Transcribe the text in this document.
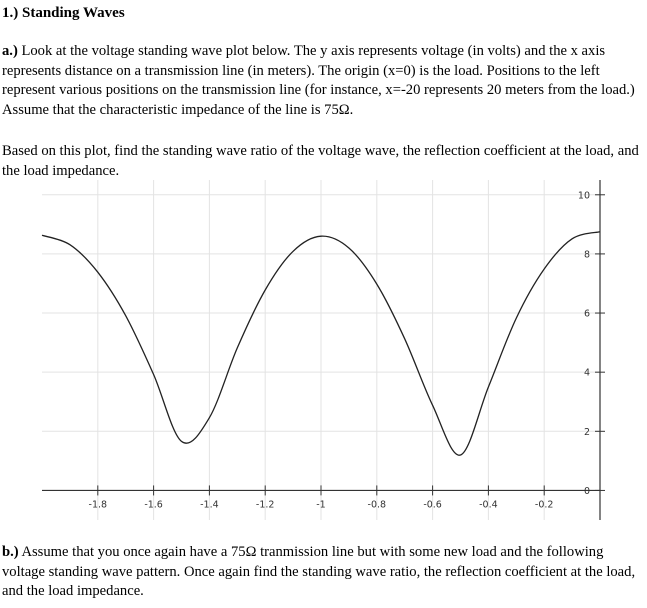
1.) Standing Waves

a.) Look at the voltage standing wave plot below. The y axis represents voltage (in volts) and the x axis represents distance on a transmission line (in meters). The origin (x=0) is the load. Positions to the left represent various positions on the transmission line (for instance, x=-20 represents 20 meters from the load.) Assume that the characteristic impedance of the line is 75Ω.

Based on this plot, find the standing wave ratio of the voltage wave, the reflection coefficient at the load, and the load impedance.

-1.8	-1.6	-1.4	-1.2	-1	-0.8	-0.6	-0.4	-0.2
0
2
4
6
8
10

b.) Assume that you once again have a 75Ω tranmission line but with some new load and the following voltage standing wave pattern. Once again find the standing wave ratio, the reflection coefficient at the load, and the load impedance.
